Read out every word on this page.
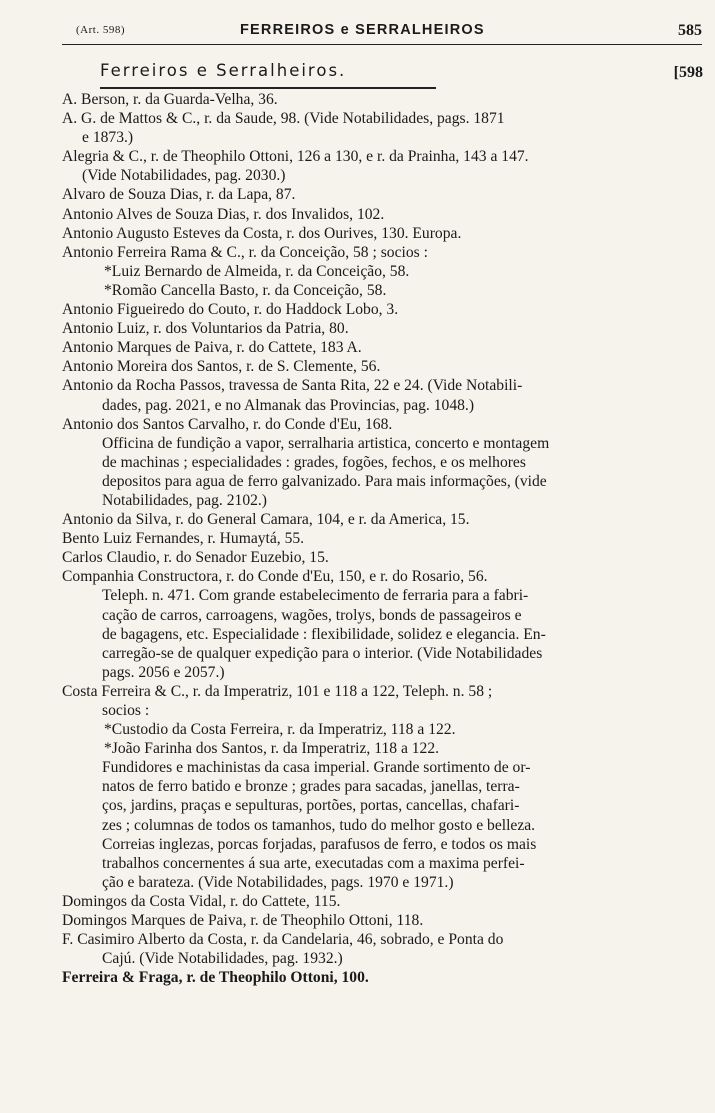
(Art. 598)	FERREIROS e SERRALHEIROS	585
Ferreiros e Serralheiros.	[598
A. Berson, r. da Guarda-Velha, 36.
A. G. de Mattos & C., r. da Saude, 98. (Vide Notabilidades, pags. 1871
e 1873.)
Alegria & C., r. de Theophilo Ottoni, 126 a 130, e r. da Prainha, 143 a 147.
(Vide Notabilidades, pag. 2030.)
Alvaro de Souza Dias, r. da Lapa, 87.
Antonio Alves de Souza Dias, r. dos Invalidos, 102.
Antonio Augusto Esteves da Costa, r. dos Ourives, 130. Europa.
Antonio Ferreira Rama & C., r. da Conceição, 58 ; socios :
*Luiz Bernardo de Almeida, r. da Conceição, 58.
*Romão Cancella Basto, r. da Conceição, 58.
Antonio Figueiredo do Couto, r. do Haddock Lobo, 3.
Antonio Luiz, r. dos Voluntarios da Patria, 80.
Antonio Marques de Paiva, r. do Cattete, 183 A.
Antonio Moreira dos Santos, r. de S. Clemente, 56.
Antonio da Rocha Passos, travessa de Santa Rita, 22 e 24. (Vide Notabili-
dades, pag. 2021, e no Almanak das Provincias, pag. 1048.)
Antonio dos Santos Carvalho, r. do Conde d'Eu, 168.
Officina de fundição a vapor, serralharia artistica, concerto e montagem
de machinas ; especialidades : grades, fogões, fechos, e os melhores
depositos para agua de ferro galvanizado. Para mais informações, (vide
Notabilidades, pag. 2102.)
Antonio da Silva, r. do General Camara, 104, e r. da America, 15.
Bento Luiz Fernandes, r. Humaytá, 55.
Carlos Claudio, r. do Senador Euzebio, 15.
Companhia Constructora, r. do Conde d'Eu, 150, e r. do Rosario, 56.
Teleph. n. 471. Com grande estabelecimento de ferraria para a fabri-
cação de carros, carroagens, wagões, trolys, bonds de passageiros e
de bagagens, etc. Especialidade : flexibilidade, solidez e elegancia. En-
carregão-se de qualquer expedição para o interior. (Vide Notabilidades
pags. 2056 e 2057.)
Costa Ferreira & C., r. da Imperatriz, 101 e 118 a 122, Teleph. n. 58 ;
socios :
*Custodio da Costa Ferreira, r. da Imperatriz, 118 a 122.
*João Farinha dos Santos, r. da Imperatriz, 118 a 122.
Fundidores e machinistas da casa imperial. Grande sortimento de or-
natos de ferro batido e bronze ; grades para sacadas, janellas, terra-
ços, jardins, praças e sepulturas, portões, portas, cancellas, chafari-
zes ; columnas de todos os tamanhos, tudo do melhor gosto e belleza.
Correias inglezas, porcas forjadas, parafusos de ferro, e todos os mais
trabalhos concernentes á sua arte, executadas com a maxima perfei-
ção e barateza. (Vide Notabilidades, pags. 1970 e 1971.)
Domingos da Costa Vidal, r. do Cattete, 115.
Domingos Marques de Paiva, r. de Theophilo Ottoni, 118.
F. Casimiro Alberto da Costa, r. da Candelaria, 46, sobrado, e Ponta do
Cajú. (Vide Notabilidades, pag. 1932.)
Ferreira & Fraga, r. de Theophilo Ottoni, 100.
